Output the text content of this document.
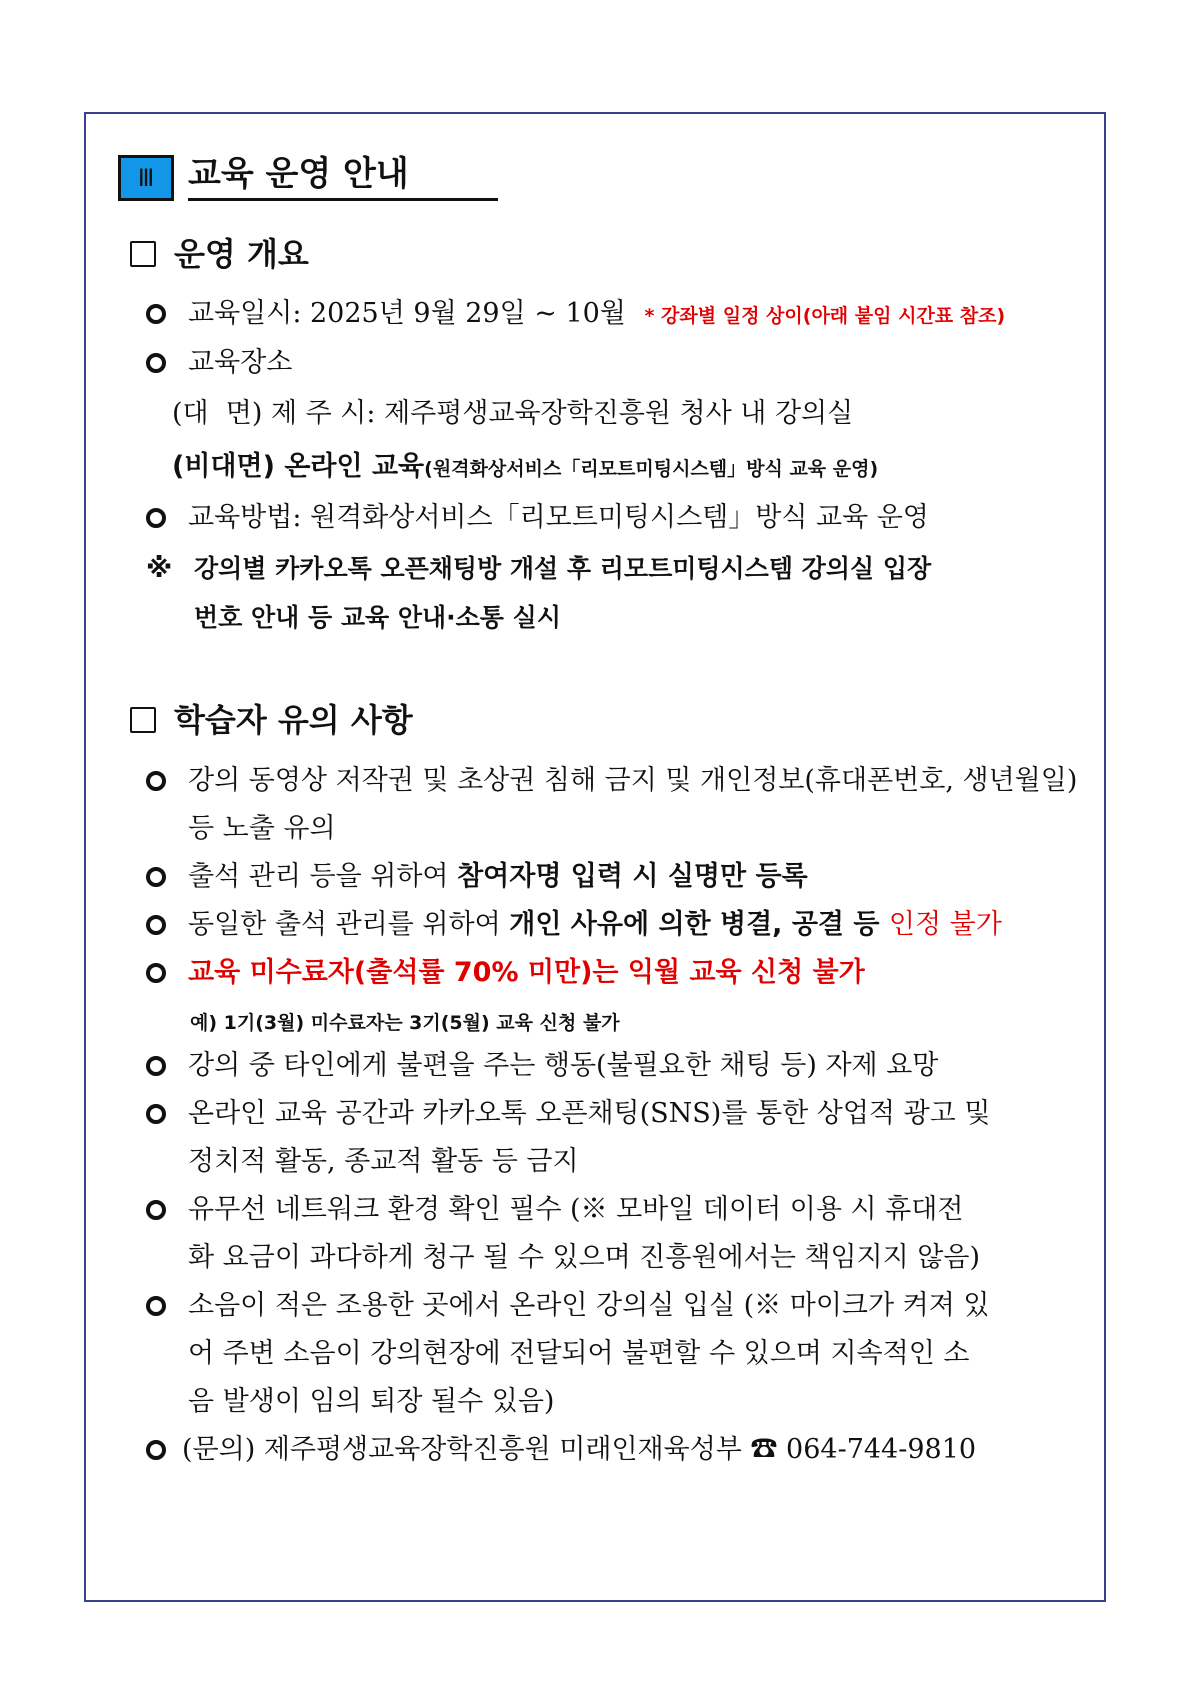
Ⅲ 교육 운영 안내
운영 개요
교육일시: 2025년 9월 29일 ~ 10월 * 강좌별 일정 상이(아래 붙임 시간표 참조)
교육장소
(대  면) 제 주 시: 제주평생교육장학진흥원 청사 내 강의실
(비대면) 온라인 교육(원격화상서비스「리모트미팅시스템」방식 교육 운영)
교육방법: 원격화상서비스「리모트미팅시스템」방식 교육 운영
※ 강의별 카카오톡 오픈채팅방 개설 후 리모트미팅시스템 강의실 입장
번호 안내 등 교육 안내·소통 실시
학습자 유의 사항
강의 동영상 저작권 및 초상권 침해 금지 및 개인정보(휴대폰번호, 생년월일)
등 노출 유의
출석 관리 등을 위하여 참여자명 입력 시 실명만 등록
동일한 출석 관리를 위하여 개인 사유에 의한 병결, 공결 등 인정 불가
교육 미수료자(출석률 70% 미만)는 익월 교육 신청 불가
예) 1기(3월) 미수료자는 3기(5월) 교육 신청 불가
강의 중 타인에게 불편을 주는 행동(불필요한 채팅 등) 자제 요망
온라인 교육 공간과 카카오톡 오픈채팅(SNS)를 통한 상업적 광고 및
정치적 활동, 종교적 활동 등 금지
유무선 네트워크 환경 확인 필수 (※ 모바일 데이터 이용 시 휴대전
화 요금이 과다하게 청구 될 수 있으며 진흥원에서는 책임지지 않음)
소음이 적은 조용한 곳에서 온라인 강의실 입실 (※ 마이크가 켜져 있
어 주변 소음이 강의현장에 전달되어 불편할 수 있으며 지속적인 소
음 발생이 임의 퇴장 될수 있음)
(문의) 제주평생교육장학진흥원 미래인재육성부 ☎ 064-744-9810
